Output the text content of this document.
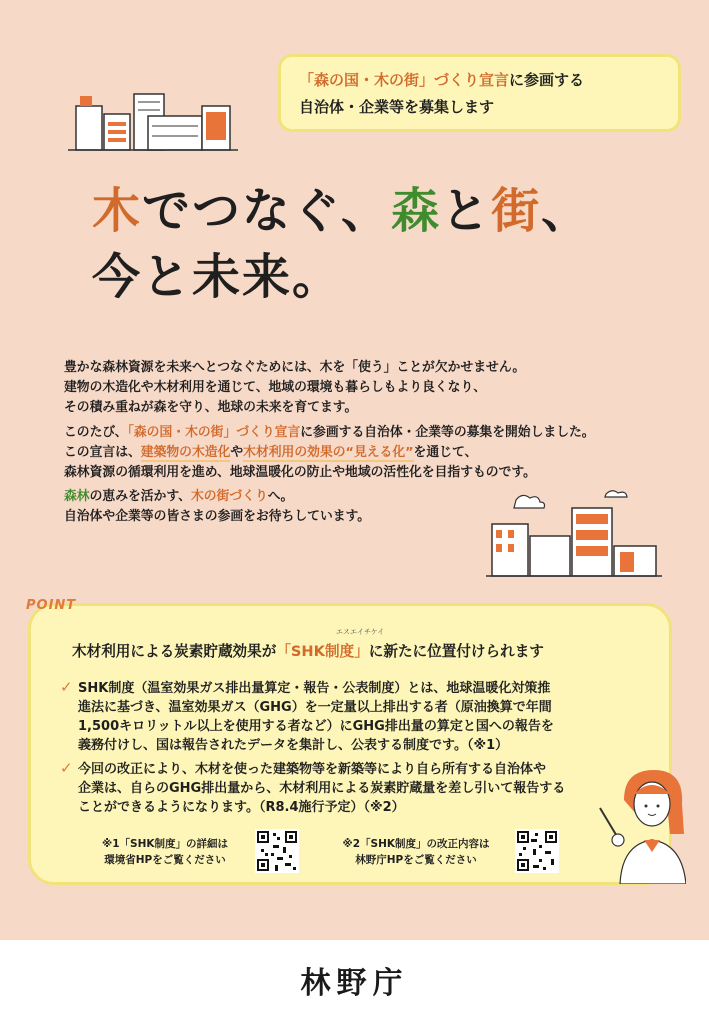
「森の国・木の街」づくり宣言に参画する
自治体・企業等を募集します
木でつなぐ、森と街、
今と未来。
豊かな森林資源を未来へとつなぐためには、木を「使う」ことが欠かせません。
建物の木造化や木材利用を通じて、地域の環境も暮らしもより良くなり、
その積み重ねが森を守り、地球の未来を育てます。
このたび、「森の国・木の街」づくり宣言に参画する自治体・企業等の募集を開始しました。
この宣言は、建築物の木造化や木材利用の効果の“見える化”を通じて、
森林資源の循環利用を進め、地球温暖化の防止や地域の活性化を目指すものです。
森林の恵みを活かす、木の街づくりへ。
自治体や企業等の皆さまの参画をお待ちしています。
POINT
エスエイチケイ
木材利用による炭素貯蔵効果が「SHK制度」に新たに位置付けられます
✓ SHK制度（温室効果ガス排出量算定・報告・公表制度）とは、地球温暖化対策推
進法に基づき、温室効果ガス（GHG）を一定量以上排出する者（原油換算で年間
1,500キロリットル以上を使用する者など）にGHG排出量の算定と国への報告を
義務付けし、国は報告されたデータを集計し、公表する制度です。（※1）
✓ 今回の改正により、木材を使った建築物等を新築等により自ら所有する自治体や
企業は、自らのGHG排出量から、木材利用による炭素貯蔵量を差し引いて報告する
ことができるようになります。（R8.4施行予定）（※2）
※1「SHK制度」の詳細は
環境省HPをご覧ください
※2「SHK制度」の改正内容は
林野庁HPをご覧ください
林野庁
